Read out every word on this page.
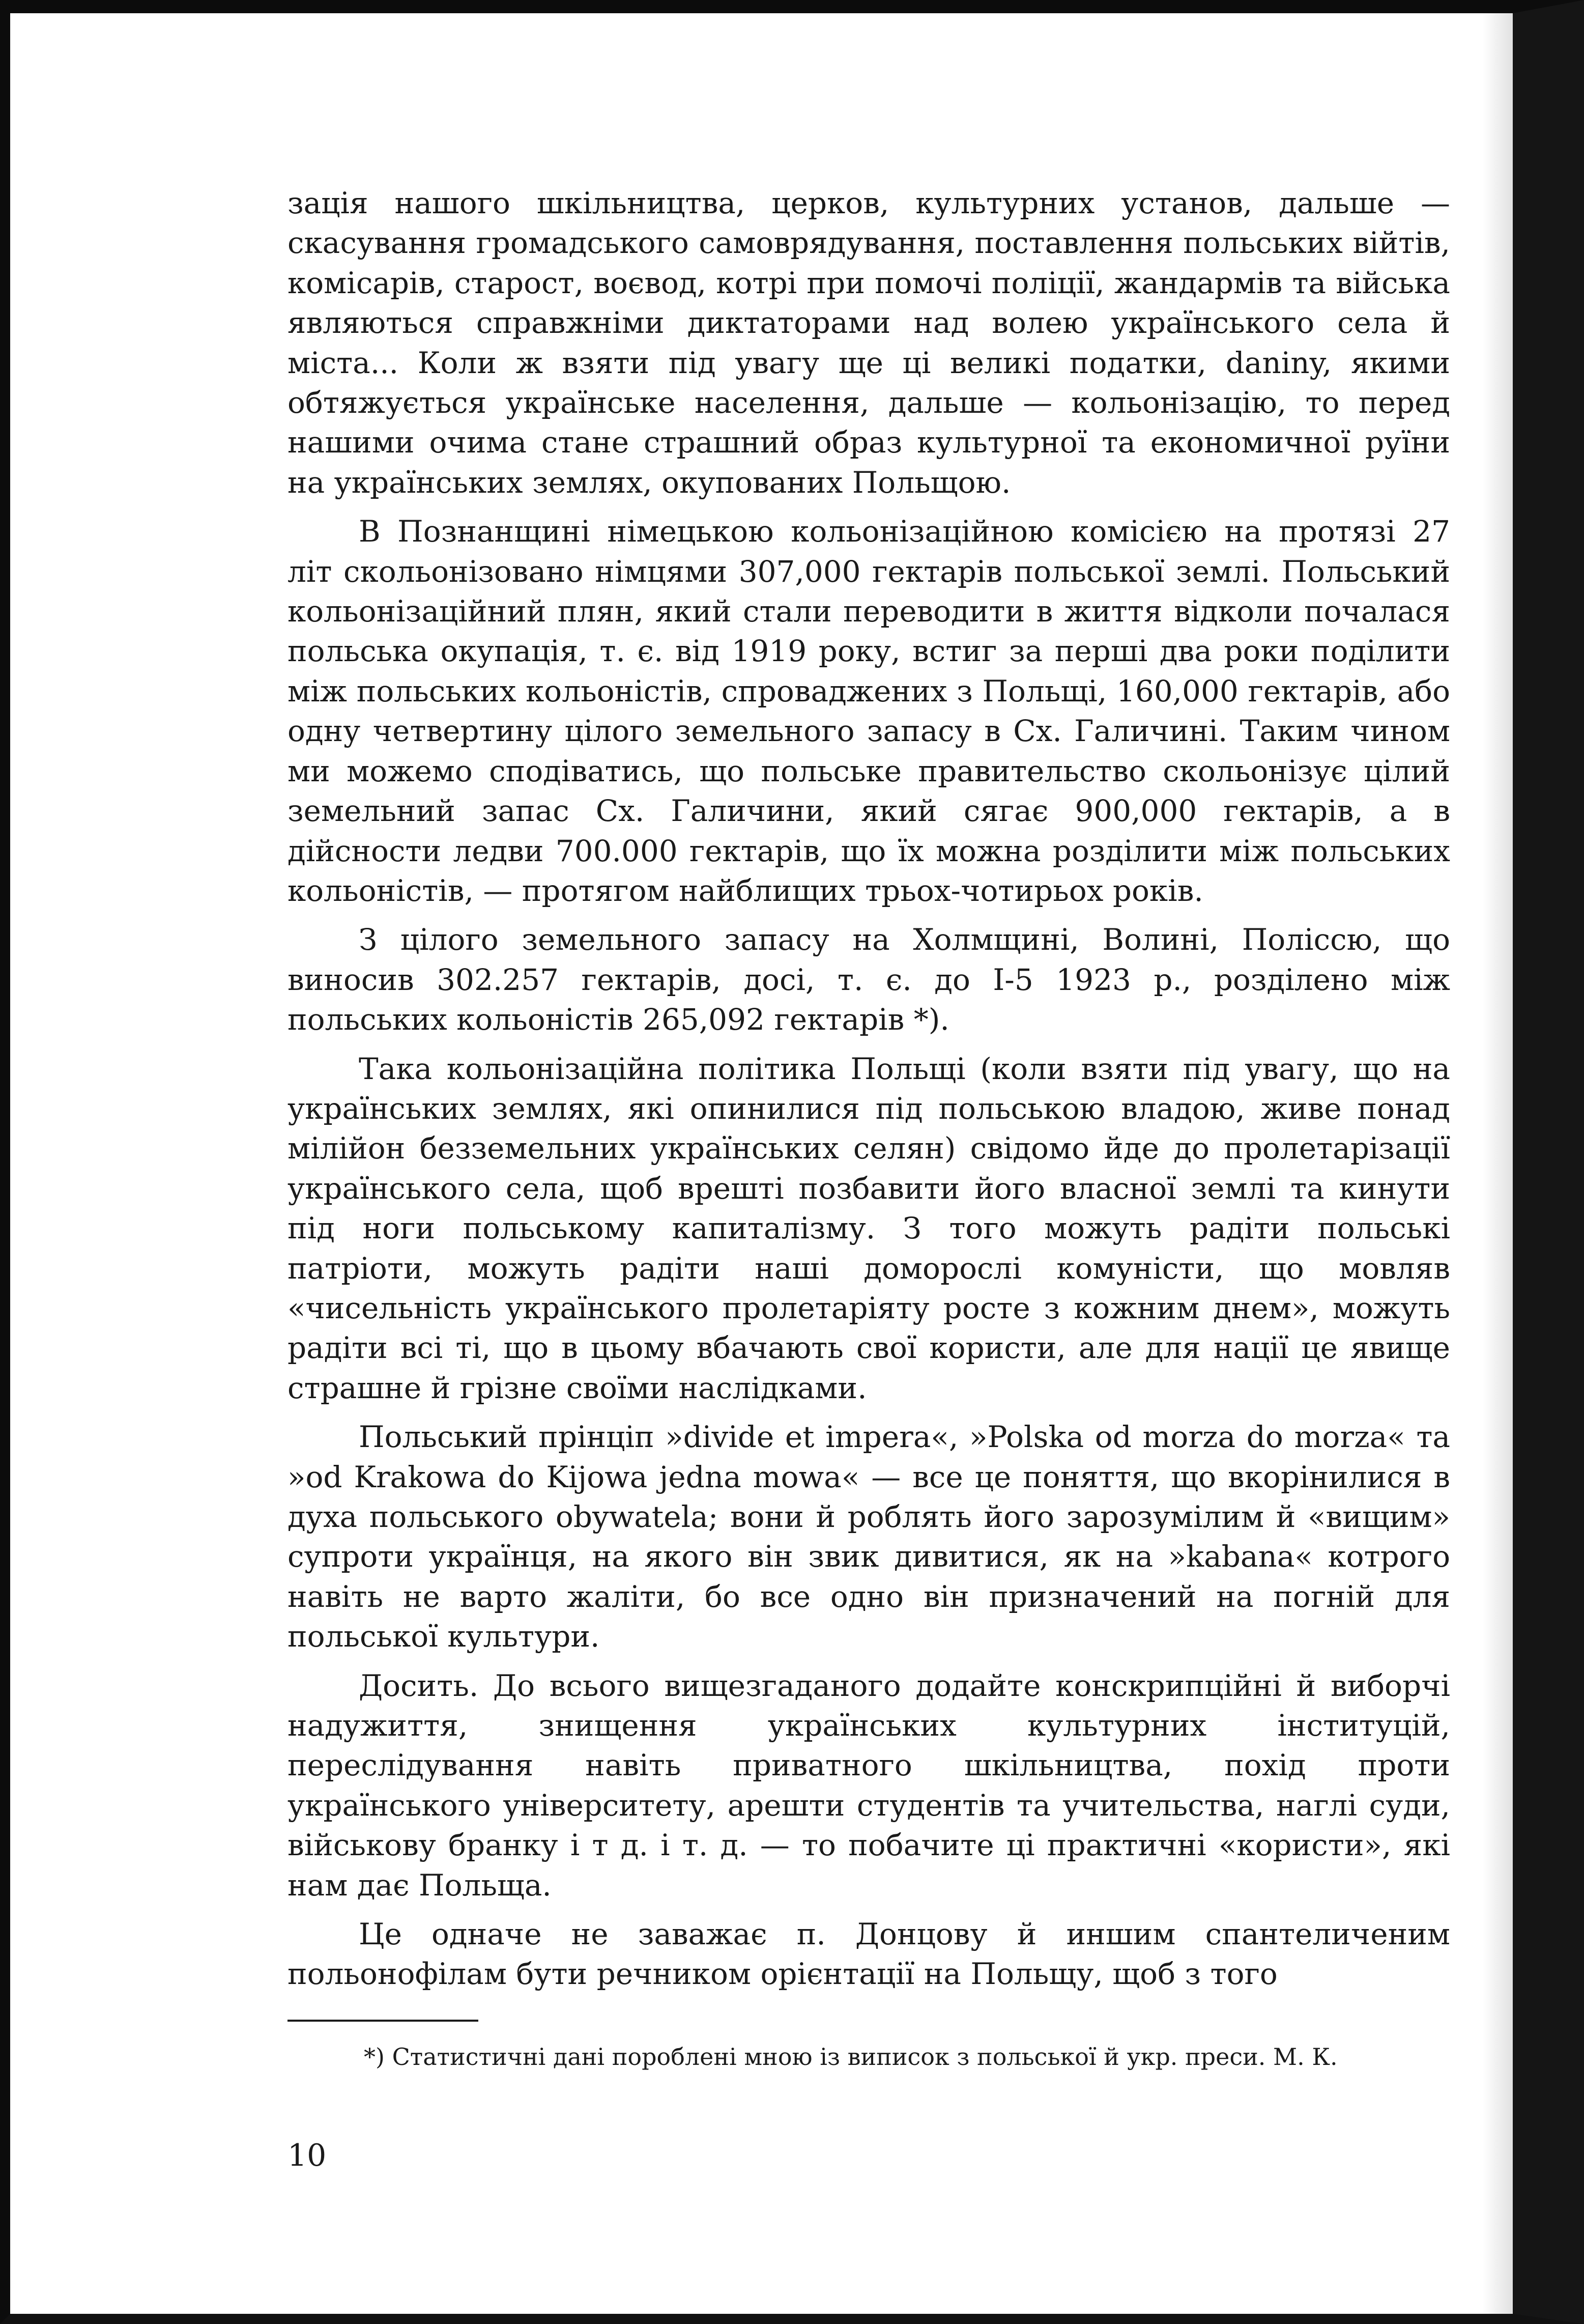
зація нашого шкільництва, церков, культурних установ, дальше — скасування громадського самоврядування, поставлення польських війтів, комісарів, старост, воєвод, котрі при помочі поліції, жандармів та війська являються справжніми диктаторами над волею українського села й міста... Коли ж взяти під увагу ще ці великі податки, daniny, якими обтяжується українське населення, дальше — кольонізацію, то перед нашими очима стане страшний образ культурної та економичної руїни на українських землях, окупованих Польщою.

В Познанщині німецькою кольонізаційною комісією на протязі 27 літ скольонізовано німцями 307,000 гектарів польської землі. Польський кольонізаційний плян, який стали переводити в життя відколи почалася польська окупація, т. є. від 1919 року, встиг за перші два роки поділити між польських кольоністів, спроваджених з Польщі, 160,000 гектарів, або одну четвертину цілого земельного запасу в Сх. Галичині. Таким чином ми можемо сподіватись, що польське правительство скольонізує цілий земельний запас Сх. Галичини, який сягає 900,000 гектарів, а в дійсности ледви 700.000 гектарів, що їх можна розділити між польських кольоністів, — протягом найблищих трьох-чотирьох років.

З цілого земельного запасу на Холмщині, Волині, Поліссю, що виносив 302.257 гектарів, досі, т. є. до І-5 1923 р., розділено між польських кольоністів 265,092 гектарів *).

Така кольонізаційна політика Польщі (коли взяти під увагу, що на українських землях, які опинилися під польською владою, живе понад мілійон безземельних українських селян) свідомо йде до пролетарізації українського села, щоб врешті позбавити його власної землі та кинути під ноги польському капиталізму. З того можуть радіти польські патріоти, можуть радіти наші доморослі комуністи, що мовляв «чисельність українського пролетаріяту росте з кожним днем», можуть радіти всі ті, що в цьому вбачають свої користи, але для нації це явище страшне й грізне своїми наслідками.

Польський прінціп »divide et impera«, »Polska od morza do morza« та »od Krakowa do Kijowa jedna mowa« — все це поняття, що вкорінилися в духа польського obywatela; вони й роблять його зарозумілим й «вищим» супроти українця, на якого він звик дивитися, як на »kabana« котрого навіть не варто жаліти, бо все одно він призначений на погній для польської культури.

Досить. До всього вищезгаданого додайте конскрипційні й виборчі надужиття, знищення українських культурних інституцій, переслідування навіть приватного шкільництва, похід проти українського університету, арешти студентів та учительства, наглі суди, військову бранку і т д. і т. д. — то побачите ці практичні «користи», які нам дає Польща.

Це одначе не заважає п. Донцову й иншим спантеличеним польонофілам бути речником орієнтації на Польщу, щоб з того

*) Статистичні дані пороблені мною із виписок з польської й укр. преси. М. К.
10
